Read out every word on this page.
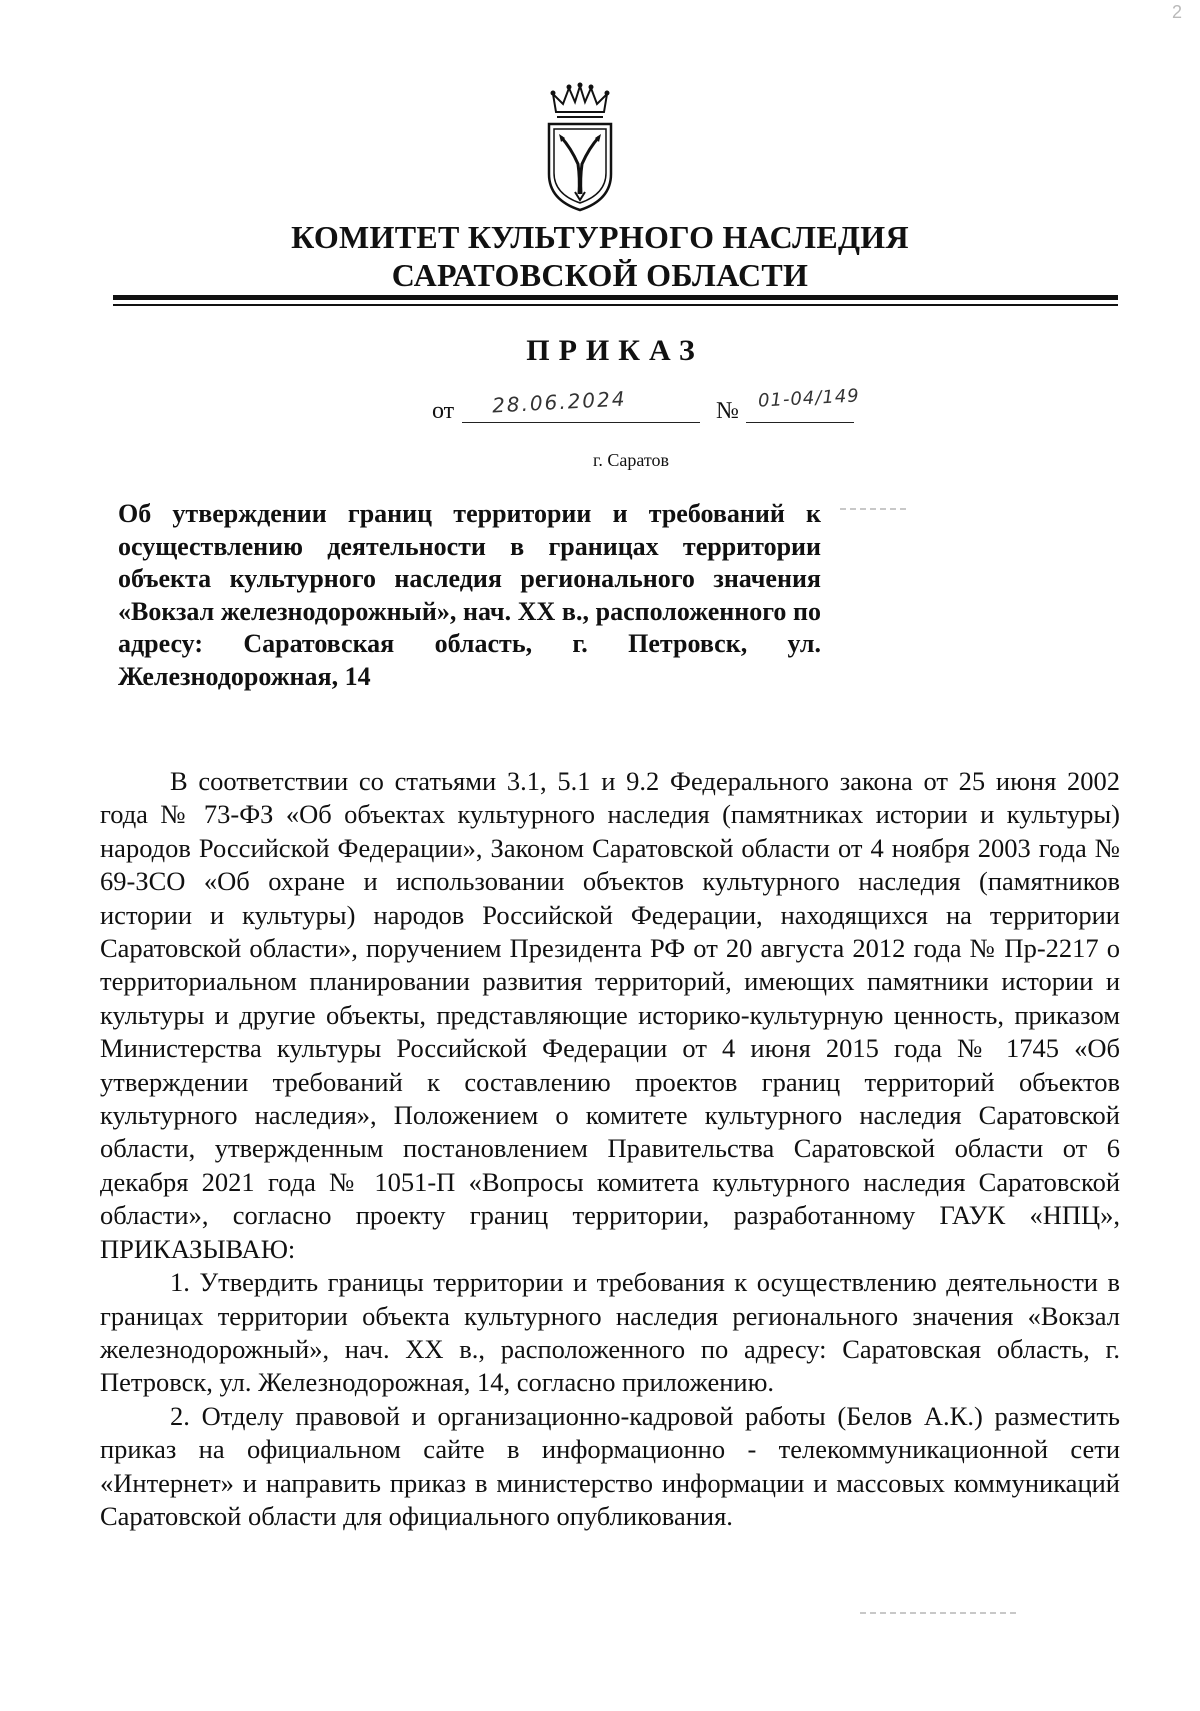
2
КОМИТЕТ КУЛЬТУРНОГО НАСЛЕДИЯ
САРАТОВСКОЙ ОБЛАСТИ
ПРИКАЗ
от 28.06.2024	№ 01-04/149
г. Саратов
Об утверждении границ территории и требований к осуществлению деятельности в границах территории объекта культурного наследия регионального значения «Вокзал железнодорожный», нач. XX в., расположенного по адресу: Саратовская область, г. Петровск, ул. Железнодорожная, 14

В соответствии со статьями 3.1, 5.1 и 9.2 Федерального закона от 25 июня 2002 года № 73-ФЗ «Об объектах культурного наследия (памятниках истории и культуры) народов Российской Федерации», Законом Саратовской области от 4 ноября 2003 года № 69-ЗСО «Об охране и использовании объектов культурного наследия (памятников истории и культуры) народов Российской Федерации, находящихся на территории Саратовской области», поручением Президента РФ от 20 августа 2012 года № Пр-2217 о территориальном планировании развития территорий, имеющих памятники истории и культуры и другие объекты, представляющие историко-культурную ценность, приказом Министерства культуры Российской Федерации от 4 июня 2015 года № 1745 «Об утверждении требований к составлению проектов границ территорий объектов культурного наследия», Положением о комитете культурного наследия Саратовской области, утвержденным постановлением Правительства Саратовской области от 6 декабря 2021 года № 1051-П «Вопросы комитета культурного наследия Саратовской области», согласно проекту границ территории, разработанному ГАУК «НПЦ», ПРИКАЗЫВАЮ:

1. Утвердить границы территории и требования к осуществлению деятельности в границах территории объекта культурного наследия регионального значения «Вокзал железнодорожный», нач. XX в., расположенного по адресу: Саратовская область, г. Петровск, ул. Железнодорожная, 14, согласно приложению.

2. Отделу правовой и организационно-кадровой работы (Белов А.К.) разместить приказ на официальном сайте в информационно - телекоммуникационной сети «Интернет» и направить приказ в министерство информации и массовых коммуникаций Саратовской области для официального опубликования.
